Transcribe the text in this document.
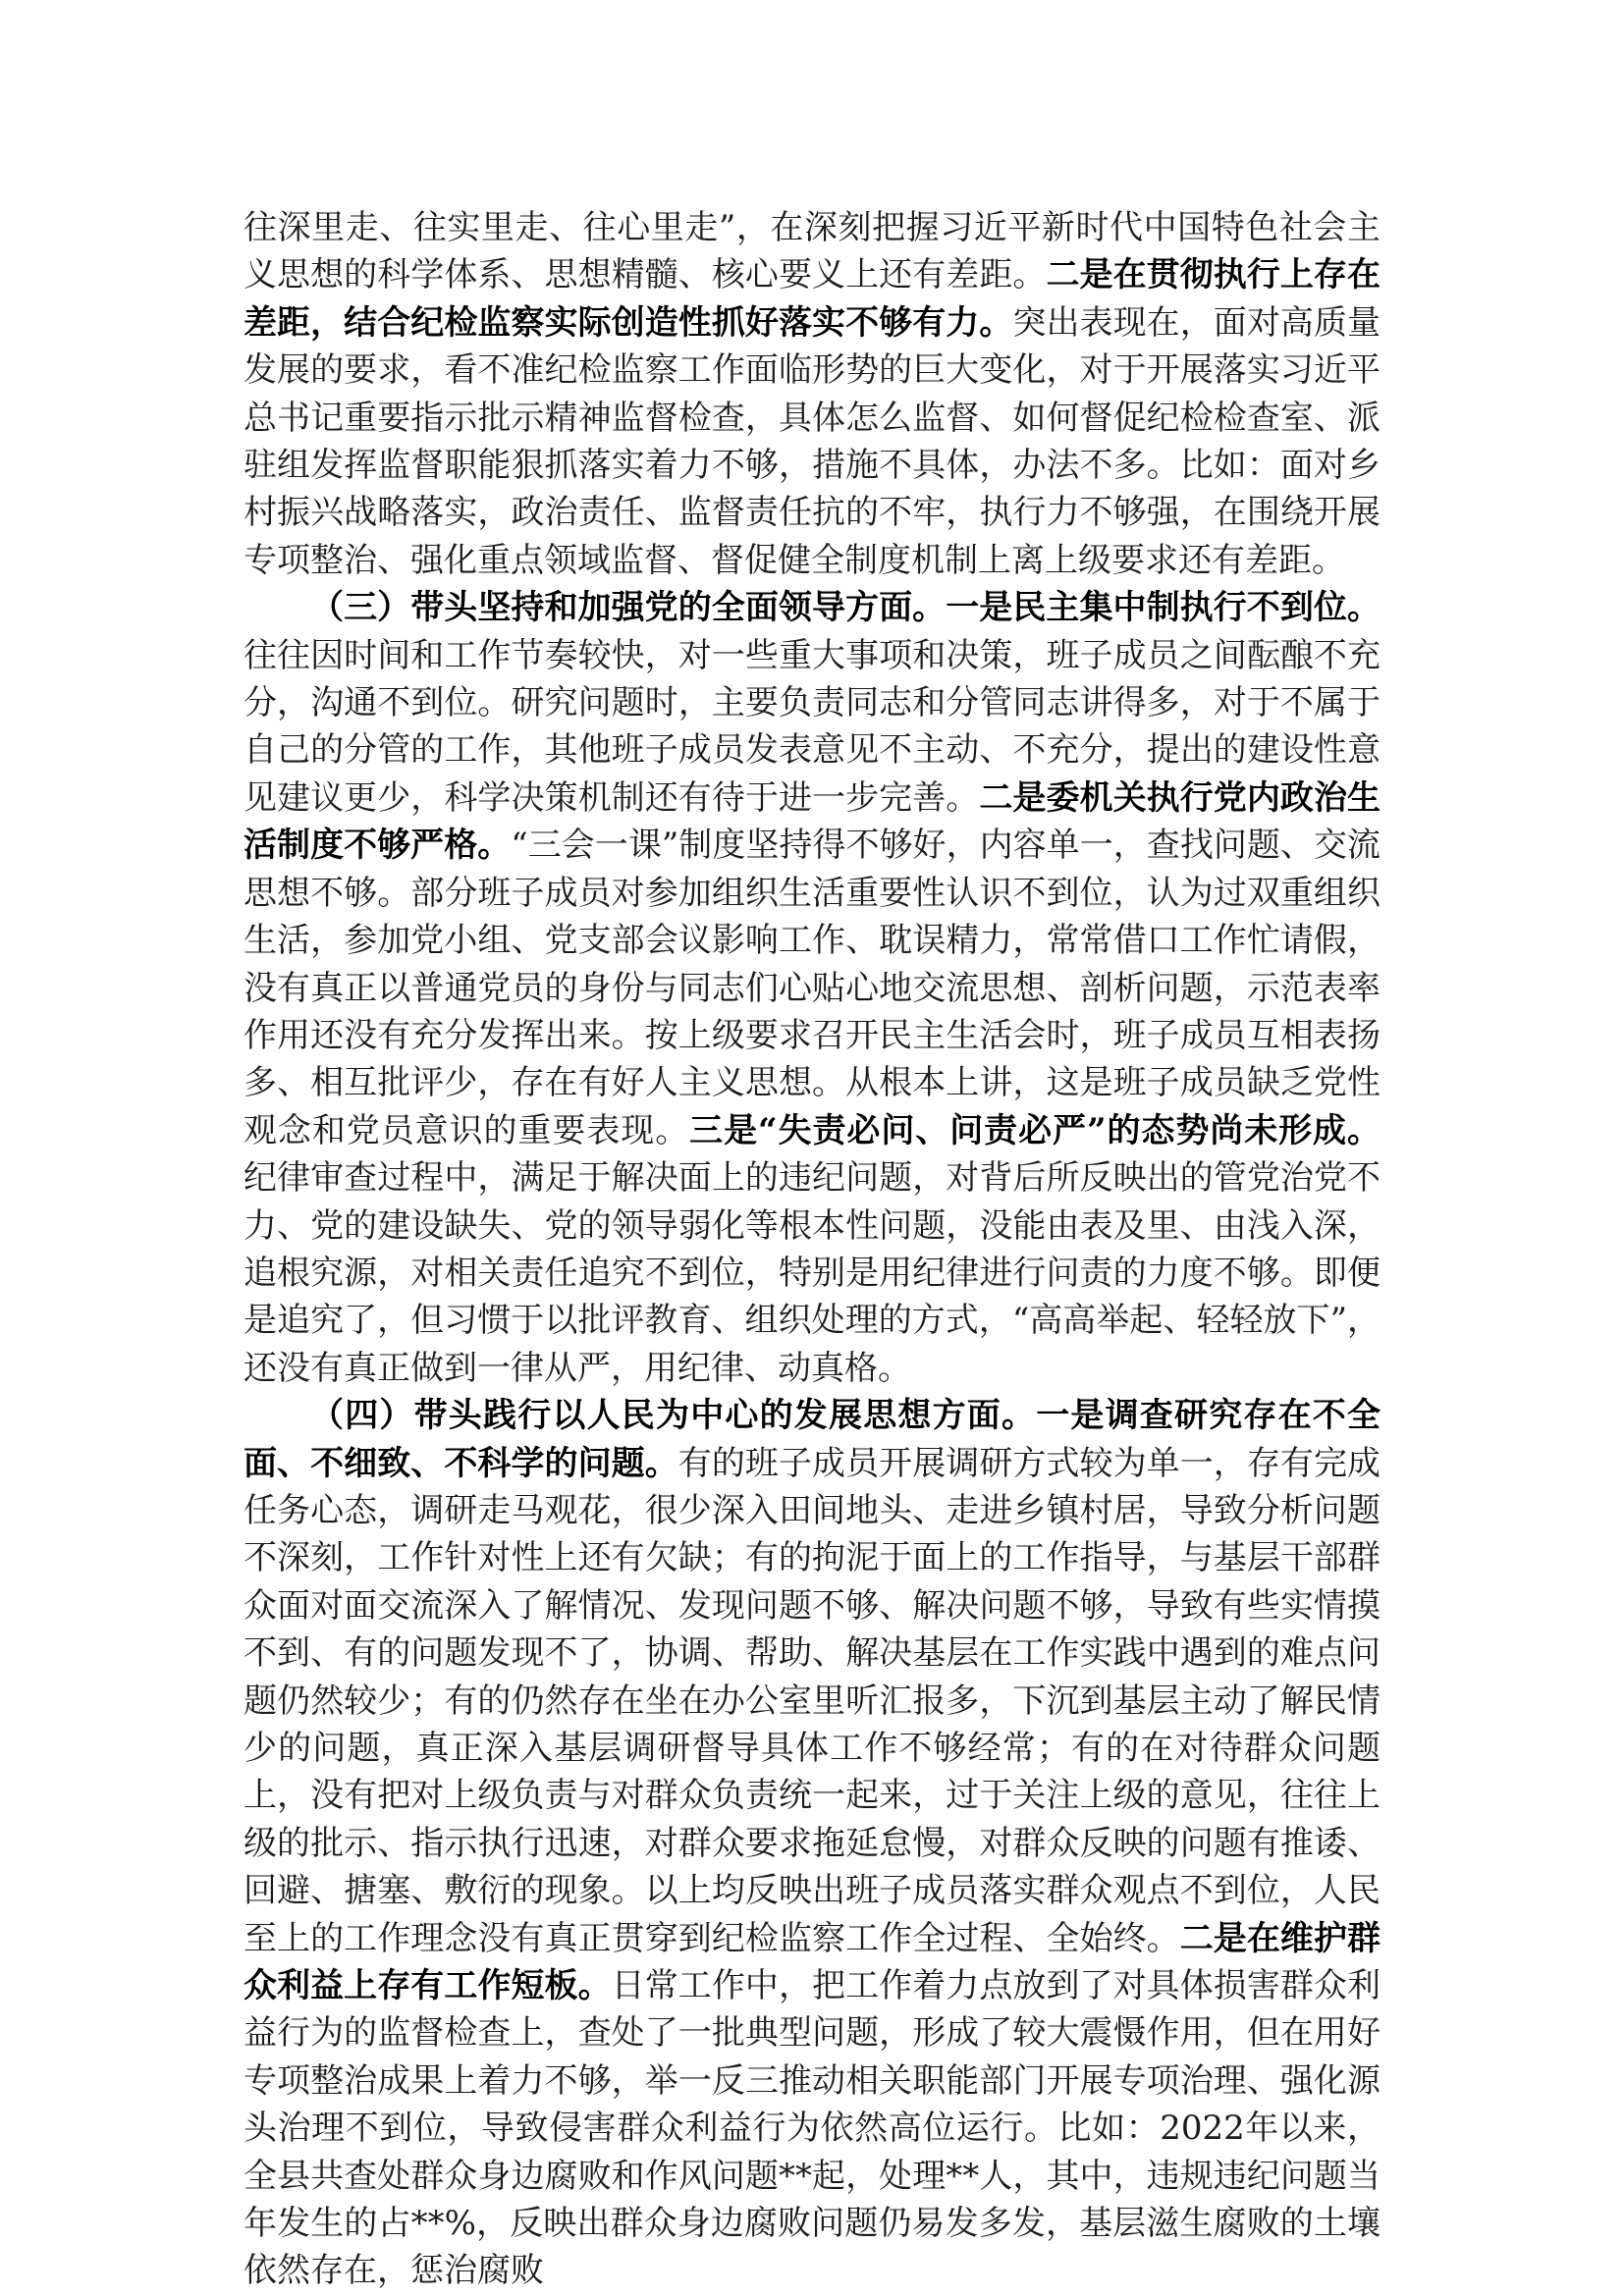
往深里走、往实里走、往心里走”，在深刻把握习近平新时代中国特色社会主义思想的科学体系、思想精髓、核心要义上还有差距。二是在贯彻执行上存在差距，结合纪检监察实际创造性抓好落实不够有力。突出表现在，面对高质量发展的要求，看不准纪检监察工作面临形势的巨大变化，对于开展落实习近平总书记重要指示批示精神监督检查，具体怎么监督、如何督促纪检检查室、派驻组发挥监督职能狠抓落实着力不够，措施不具体，办法不多。比如：面对乡村振兴战略落实，政治责任、监督责任抗的不牢，执行力不够强，在围绕开展专项整治、强化重点领域监督、督促健全制度机制上离上级要求还有差距。

（三）带头坚持和加强党的全面领导方面。一是民主集中制执行不到位。往往因时间和工作节奏较快，对一些重大事项和决策，班子成员之间酝酿不充分，沟通不到位。研究问题时，主要负责同志和分管同志讲得多，对于不属于自己的分管的工作，其他班子成员发表意见不主动、不充分，提出的建设性意见建议更少，科学决策机制还有待于进一步完善。二是委机关执行党内政治生活制度不够严格。“三会一课”制度坚持得不够好，内容单一，查找问题、交流思想不够。部分班子成员对参加组织生活重要性认识不到位，认为过双重组织生活，参加党小组、党支部会议影响工作、耽误精力，常常借口工作忙请假，没有真正以普通党员的身份与同志们心贴心地交流思想、剖析问题，示范表率作用还没有充分发挥出来。按上级要求召开民主生活会时，班子成员互相表扬多、相互批评少，存在有好人主义思想。从根本上讲，这是班子成员缺乏党性观念和党员意识的重要表现。三是“失责必问、问责必严”的态势尚未形成。纪律审查过程中，满足于解决面上的违纪问题，对背后所反映出的管党治党不力、党的建设缺失、党的领导弱化等根本性问题，没能由表及里、由浅入深，追根究源，对相关责任追究不到位，特别是用纪律进行问责的力度不够。即便是追究了，但习惯于以批评教育、组织处理的方式，“高高举起、轻轻放下”，还没有真正做到一律从严，用纪律、动真格。

（四）带头践行以人民为中心的发展思想方面。一是调查研究存在不全面、不细致、不科学的问题。有的班子成员开展调研方式较为单一，存有完成任务心态，调研走马观花，很少深入田间地头、走进乡镇村居，导致分析问题不深刻，工作针对性上还有欠缺；有的拘泥于面上的工作指导，与基层干部群众面对面交流深入了解情况、发现问题不够、解决问题不够，导致有些实情摸不到、有的问题发现不了，协调、帮助、解决基层在工作实践中遇到的难点问题仍然较少；有的仍然存在坐在办公室里听汇报多，下沉到基层主动了解民情少的问题，真正深入基层调研督导具体工作不够经常；有的在对待群众问题上，没有把对上级负责与对群众负责统一起来，过于关注上级的意见，往往上级的批示、指示执行迅速，对群众要求拖延怠慢，对群众反映的问题有推诿、回避、搪塞、敷衍的现象。以上均反映出班子成员落实群众观点不到位，人民至上的工作理念没有真正贯穿到纪检监察工作全过程、全始终。二是在维护群众利益上存有工作短板。日常工作中，把工作着力点放到了对具体损害群众利益行为的监督检查上，查处了一批典型问题，形成了较大震慑作用，但在用好专项整治成果上着力不够，举一反三推动相关职能部门开展专项治理、强化源头治理不到位，导致侵害群众利益行为依然高位运行。比如：2022年以来，全县共查处群众身边腐败和作风问题**起，处理**人，其中，违规违纪问题当年发生的占**%，反映出群众身边腐败问题仍易发多发，基层滋生腐败的土壤依然存在，惩治腐败
